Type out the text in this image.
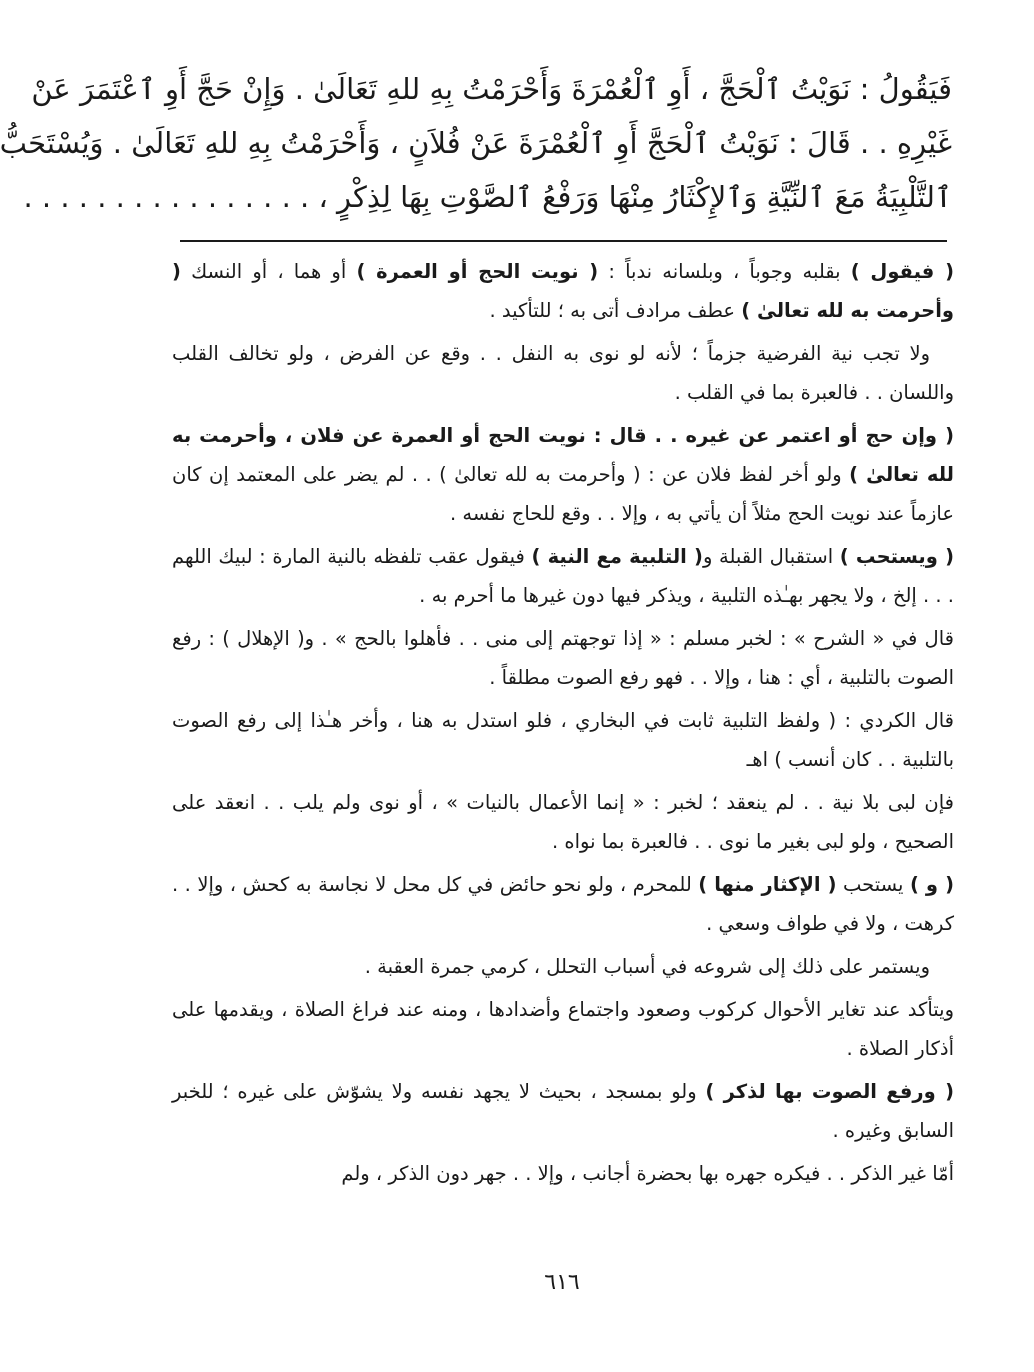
فَيَقُولُ : نَوَيْتُ ٱلْحَجَّ ، أَوِ ٱلْعُمْرَةَ وَأَحْرَمْتُ بِهِ للهِ تَعَالَىٰ . وَإِنْ حَجَّ أَوِ ٱعْتَمَرَ عَنْ
غَيْرِهِ . . قَالَ : نَوَيْتُ ٱلْحَجَّ أَوِ ٱلْعُمْرَةَ عَنْ فُلاَنٍ ، وَأَحْرَمْتُ بِهِ للهِ تَعَالَىٰ . وَيُسْتَحَبُّ
ٱلتَّلْبِيَةُ مَعَ ٱلنِّيَّةِ وَٱلإِكْثَارُ مِنْهَا وَرَفْعُ ٱلصَّوْتِ بِهَا لِذِكْرٍ ، . . . . . . . . . . . . . . . .

( فيقول ) بقلبه وجوباً ، وبلسانه ندباً : ( نويت الحج أو العمرة ) أو هما ، أو النسك ( وأحرمت به لله تعالىٰ ) عطف مرادف أتى به ؛ للتأكيد .

ولا تجب نية الفرضية جزماً ؛ لأنه لو نوى به النفل . . وقع عن الفرض ، ولو تخالف القلب واللسان . . فالعبرة بما في القلب .

( وإن حج أو اعتمر عن غيره . . قال : نويت الحج أو العمرة عن فلان ، وأحرمت به لله تعالىٰ ) ولو أخر لفظ فلان عن : ( وأحرمت به لله تعالىٰ ) . . لم يضر على المعتمد إن كان عازماً عند نويت الحج مثلاً أن يأتي به ، وإلا . . وقع للحاج نفسه .

( ويستحب ) استقبال القبلة و( التلبية مع النية ) فيقول عقب تلفظه بالنية المارة : لبيك اللهم . . . إلخ ، ولا يجهر بهـٰذه التلبية ، ويذكر فيها دون غيرها ما أحرم به .

قال في « الشرح » : لخبر مسلم : « إذا توجهتم إلى منى . . فأهلوا بالحج » . و( الإهلال ) : رفع الصوت بالتلبية ، أي : هنا ، وإلا . . فهو رفع الصوت مطلقاً .

قال الكردي : ( ولفظ التلبية ثابت في البخاري ، فلو استدل به هنا ، وأخر هـٰذا إلى رفع الصوت بالتلبية . . كان أنسب ) اهـ

فإن لبى بلا نية . . لم ينعقد ؛ لخبر : « إنما الأعمال بالنيات » ، أو نوى ولم يلب . . انعقد على الصحيح ، ولو لبى بغير ما نوى . . فالعبرة بما نواه .

( و ) يستحب ( الإكثار منها ) للمحرم ، ولو نحو حائض في كل محل لا نجاسة به كحش ، وإلا . . كرهت ، ولا في طواف وسعي .

ويستمر على ذلك إلى شروعه في أسباب التحلل ، كرمي جمرة العقبة .

ويتأكد عند تغاير الأحوال كركوب وصعود واجتماع وأضدادها ، ومنه عند فراغ الصلاة ، ويقدمها على أذكار الصلاة .

( ورفع الصوت بها لذكر ) ولو بمسجد ، بحيث لا يجهد نفسه ولا يشوّش على غيره ؛ للخبر السابق وغيره .

أمّا غير الذكر . . فيكره جهره بها بحضرة أجانب ، وإلا . . جهر دون الذكر ، ولم

٦١٦
